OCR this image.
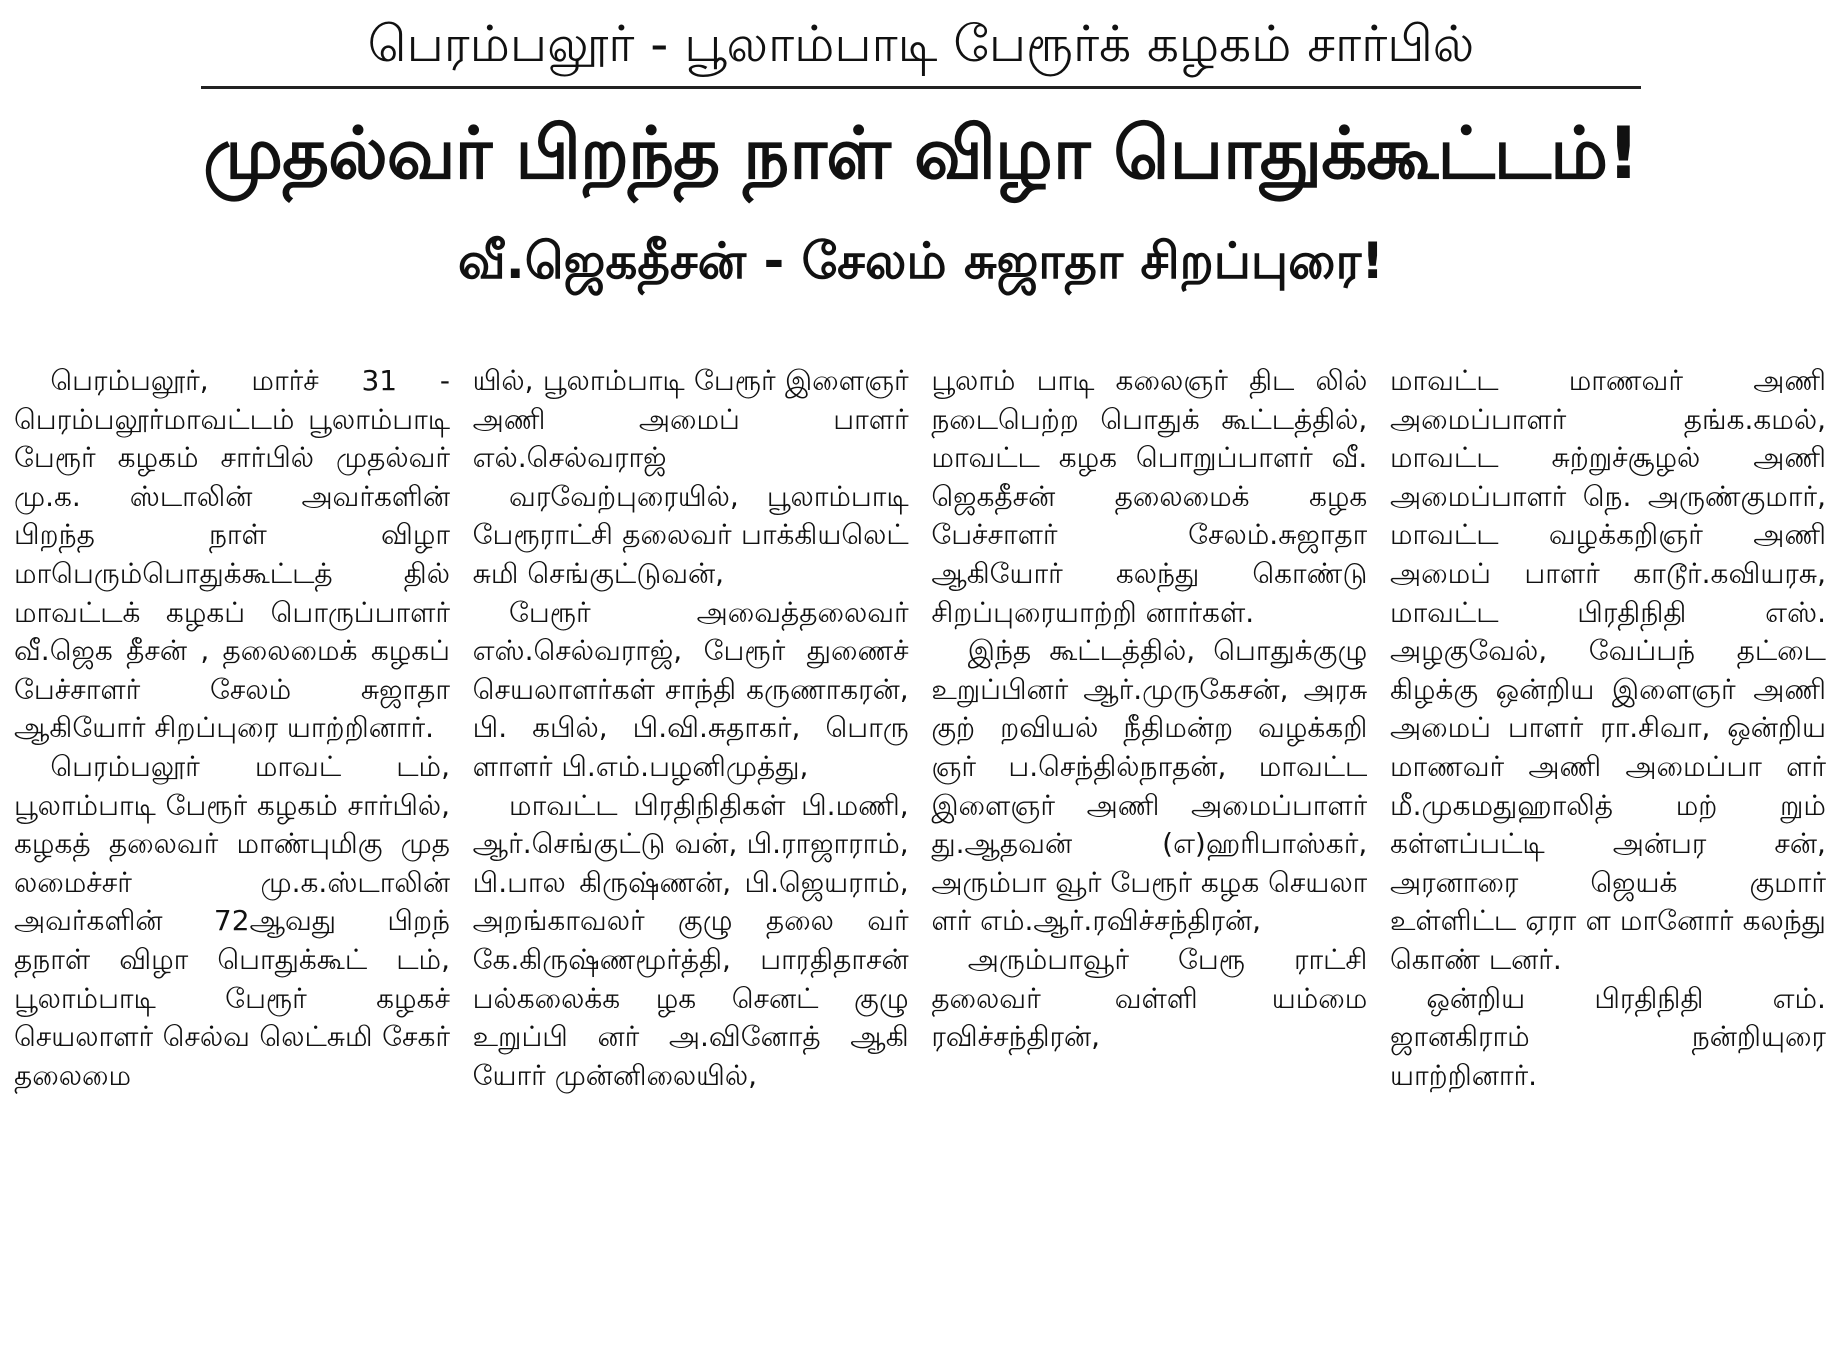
பெரம்பலூர் - பூலாம்பாடி பேரூர்க் கழகம் சார்பில்
முதல்வர் பிறந்த நாள் விழா பொதுக்கூட்டம்!
வீ.ஜெகதீசன் - சேலம் சுஜாதா சிறப்புரை!

பெரம்பலூர், மார்ச் 31 - பெரம்பலூர்மாவட்டம் பூலாம்பாடி பேரூர் கழகம் சார்பில் முதல்வர் மு.க. ஸ்டாலின் அவர்களின் பிறந்த நாள் விழா மாபெரும்பொதுக்கூட்டத் தில் மாவட்டக் கழகப் பொருப்பாளர் வீ.ஜெக தீசன் , தலைமைக் கழகப் பேச்சாளர் சேலம் சுஜாதா ஆகியோர் சிறப்புரை யாற்றினார்.

பெரம்பலூர் மாவட் டம், பூலாம்பாடி பேரூர் கழகம் சார்பில், கழகத் தலைவர் மாண்புமிகு முத லமைச்சர் மு.க.ஸ்டாலின் அவர்களின் 72ஆவது பிறந் தநாள் விழா பொதுக்கூட் டம், பூலாம்பாடி பேரூர் கழகச் செயலாளர் செல்வ லெட்சுமி சேகர் தலைமை

யில், பூலாம்பாடி பேரூர் இளைஞர் அணி அமைப் பாளர் எல்.செல்வராஜ்

வரவேற்புரையில், பூலாம்பாடி பேரூராட்சி தலைவர் பாக்கியலெட் சுமி செங்குட்டுவன்,

பேரூர் அவைத்தலைவர் எஸ்.செல்வராஜ், பேரூர் துணைச் செயலாளர்கள் சாந்தி கருணாகரன், பி. கபில், பி.வி.சுதாகர், பொரு ளாளர் பி.எம்.பழனிமுத்து,

மாவட்ட பிரதிநிதிகள் பி.மணி, ஆர்.செங்குட்டு வன், பி.ராஜாராம், பி.பால கிருஷ்ணன், பி.ஜெயராம், அறங்காவலர் குழு தலை வர் கே.கிருஷ்ணமூர்த்தி, பாரதிதாசன் பல்கலைக்க ழக செனட் குழு உறுப்பி னர் அ.வினோத் ஆகி யோர் முன்னிலையில்,

பூலாம் பாடி கலைஞர் திட லில் நடைபெற்ற பொதுக் கூட்டத்தில், மாவட்ட கழக பொறுப்பாளர் வீ. ஜெகதீசன் தலைமைக் கழக பேச்சாளர் சேலம்.சுஜாதா ஆகியோர் கலந்து கொண்டு சிறப்புரையாற்றி னார்கள்.

இந்த கூட்டத்தில், பொதுக்குழு உறுப்பினர் ஆர்.முருகேசன், அரசு குற் றவியல் நீதிமன்ற வழக்கறி ஞர் ப.செந்தில்நாதன், மாவட்ட இளைஞர் அணி அமைப்பாளர் து.ஆதவன் (எ)ஹரிபாஸ்கர், அரும்பா வூர் பேரூர் கழக செயலா ளர் எம்.ஆர்.ரவிச்சந்திரன்,

அரும்பாவூர் பேரூ ராட்சி தலைவர் வள்ளி யம்மை ரவிச்சந்திரன்,

மாவட்ட மாணவர் அணி அமைப்பாளர் தங்க.கமல், மாவட்ட சுற்றுச்சூழல் அணி அமைப்பாளர் நெ. அருண்குமார், மாவட்ட வழக்கறிஞர் அணி அமைப் பாளர் காடூர்.கவியரசு, மாவட்ட பிரதிநிதி எஸ். அழகுவேல், வேப்பந் தட்டை கிழக்கு ஒன்றிய இளைஞர் அணி அமைப் பாளர் ரா.சிவா, ஒன்றிய மாணவர் அணி அமைப்பா ளர் மீ.முகமதுஹாலித் மற் றும் கள்ளப்பட்டி அன்பர சன், அரனாரை ஜெயக் குமார் உள்ளிட்ட ஏரா ள மானோர் கலந்து கொண் டனர்.

ஒன்றிய பிரதிநிதி எம். ஜானகிராம் நன்றியுரை யாற்றினார்.
